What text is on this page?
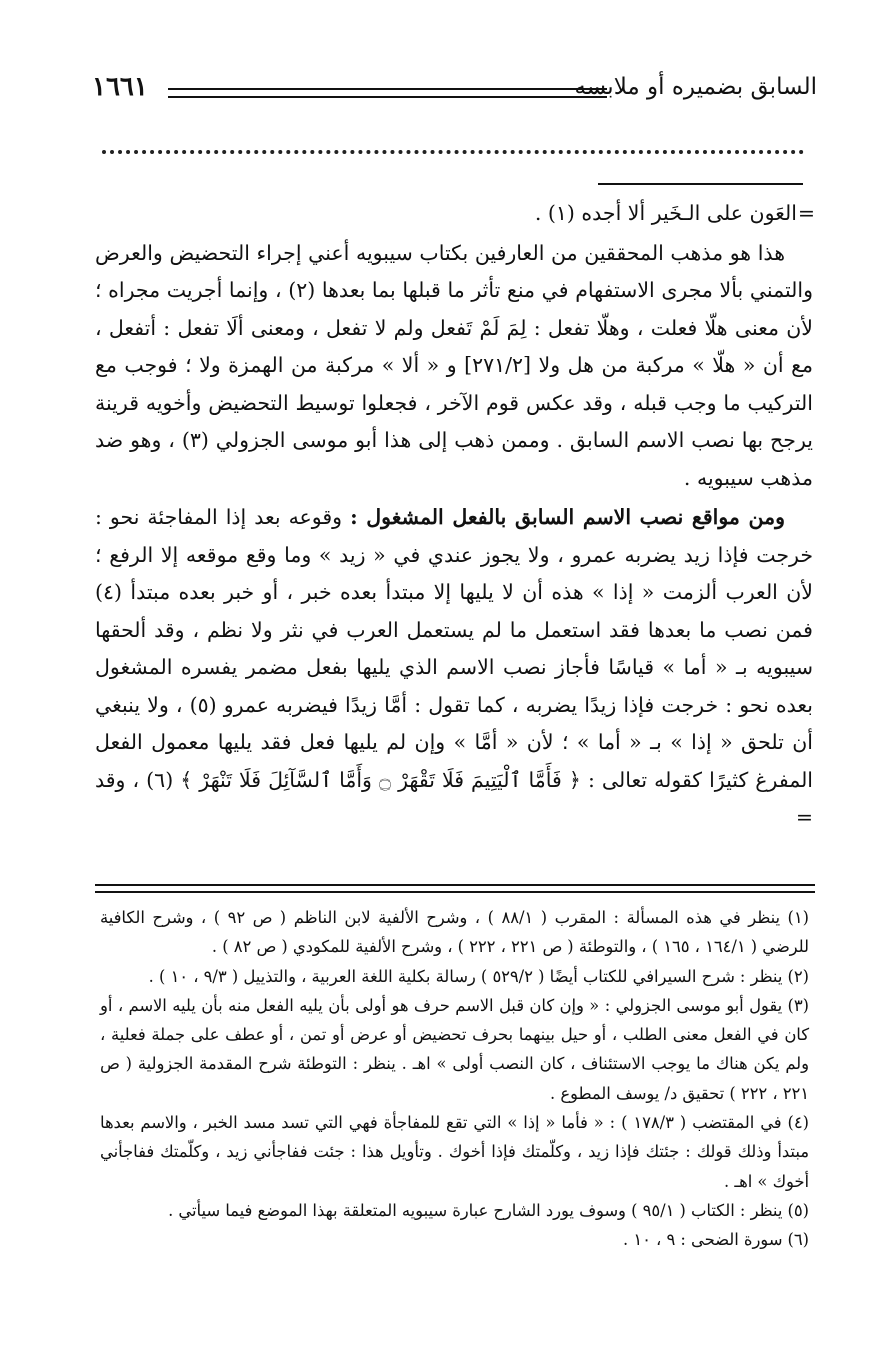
السابق بضميره أو ملابسه
١٦٦١

=
العَون على الـخَير ألا أجده (١) .

هذا هو مذهب المحققين من العارفين بكتاب سيبويه أعني إجراء التحضيض والعرض والتمني بألا مجرى الاستفهام في منع تأثر ما قبلها بما بعدها (٢) ، وإنما أجريت مجراه ؛ لأن معنى هلّا فعلت ، وهلّا تفعل : لِمَ لَمْ تَفعل ولم لا تفعل ، ومعنى ألَا تفعل : أتفعل ، مع أن « هلّا » مركبة من هل ولا [٢٧١/٢] و « ألا » مركبة من الهمزة ولا ؛ فوجب مع التركيب ما وجب قبله ، وقد عكس قوم الآخر ، فجعلوا توسيط التحضيض وأخويه قرينة يرجح بها نصب الاسم السابق . وممن ذهب إلى هذا أبو موسى الجزولي (٣) ، وهو ضد مذهب سيبويه .

ومن مواقع نصب الاسم السابق بالفعل المشغول : وقوعه بعد إذا المفاجئة نحو : خرجت فإذا زيد يضربه عمرو ، ولا يجوز عندي في « زيد » وما وقع موقعه إلا الرفع ؛ لأن العرب ألزمت « إذا » هذه أن لا يليها إلا مبتدأ بعده خبر ، أو خبر بعده مبتدأ (٤) فمن نصب ما بعدها فقد استعمل ما لم يستعمل العرب في نثر ولا نظم ، وقد ألحقها سيبويه بـ « أما » قياسًا فأجاز نصب الاسم الذي يليها بفعل مضمر يفسره المشغول بعده نحو : خرجت فإذا زيدًا يضربه ، كما تقول : أمَّا زيدًا فيضربه عمرو (٥) ، ولا ينبغي أن تلحق « إذا » بـ « أما » ؛ لأن « أمَّا » وإن لم يليها فعل فقد يليها معمول الفعل المفرغ كثيرًا كقوله تعالى : ﴿ فَأَمَّا ٱلْيَتِيمَ فَلَا تَقْهَرْ ۝ وَأَمَّا ٱلسَّآئِلَ فَلَا تَنْهَرْ ﴾ (٦) ، وقد =

(١) ينظر في هذه المسألة : المقرب ( ٨٨/١ ) ، وشرح الألفية لابن الناظم ( ص ٩٢ ) ، وشرح الكافية للرضي ( ١٦٤/١ ، ١٦٥ ) ، والتوطئة ( ص ٢٢١ ، ٢٢٢ ) ، وشرح الألفية للمكودي ( ص ٨٢ ) .

(٢) ينظر : شرح السيرافي للكتاب أيضًا ( ٥٢٩/٢ ) رسالة بكلية اللغة العربية ، والتذييل ( ٩/٣ ، ١٠ ) .

(٣) يقول أبو موسى الجزولي : « وإن كان قبل الاسم حرف هو أولى بأن يليه الفعل منه بأن يليه الاسم ، أو كان في الفعل معنى الطلب ، أو حيل بينهما بحرف تحضيض أو عرض أو تمن ، أو عطف على جملة فعلية ، ولم يكن هناك ما يوجب الاستئناف ، كان النصب أولى » اهـ . ينظر : التوطئة شرح المقدمة الجزولية ( ص ٢٢١ ، ٢٢٢ ) تحقيق د/ يوسف المطوع .

(٤) في المقتضب ( ١٧٨/٣ ) : « فأما « إذا » التي تقع للمفاجأة فهي التي تسد مسد الخبر ، والاسم بعدها مبتدأ وذلك قولك : جئتك فإذا زيد ، وكلّمتك فإذا أخوك . وتأويل هذا : جئت ففاجأني زيد ، وكلّمتك ففاجأني أخوك » اهـ .

(٥) ينظر : الكتاب ( ٩٥/١ ) وسوف يورد الشارح عبارة سيبويه المتعلقة بهذا الموضع فيما سيأتي .

(٦) سورة الضحى : ٩ ، ١٠ .
